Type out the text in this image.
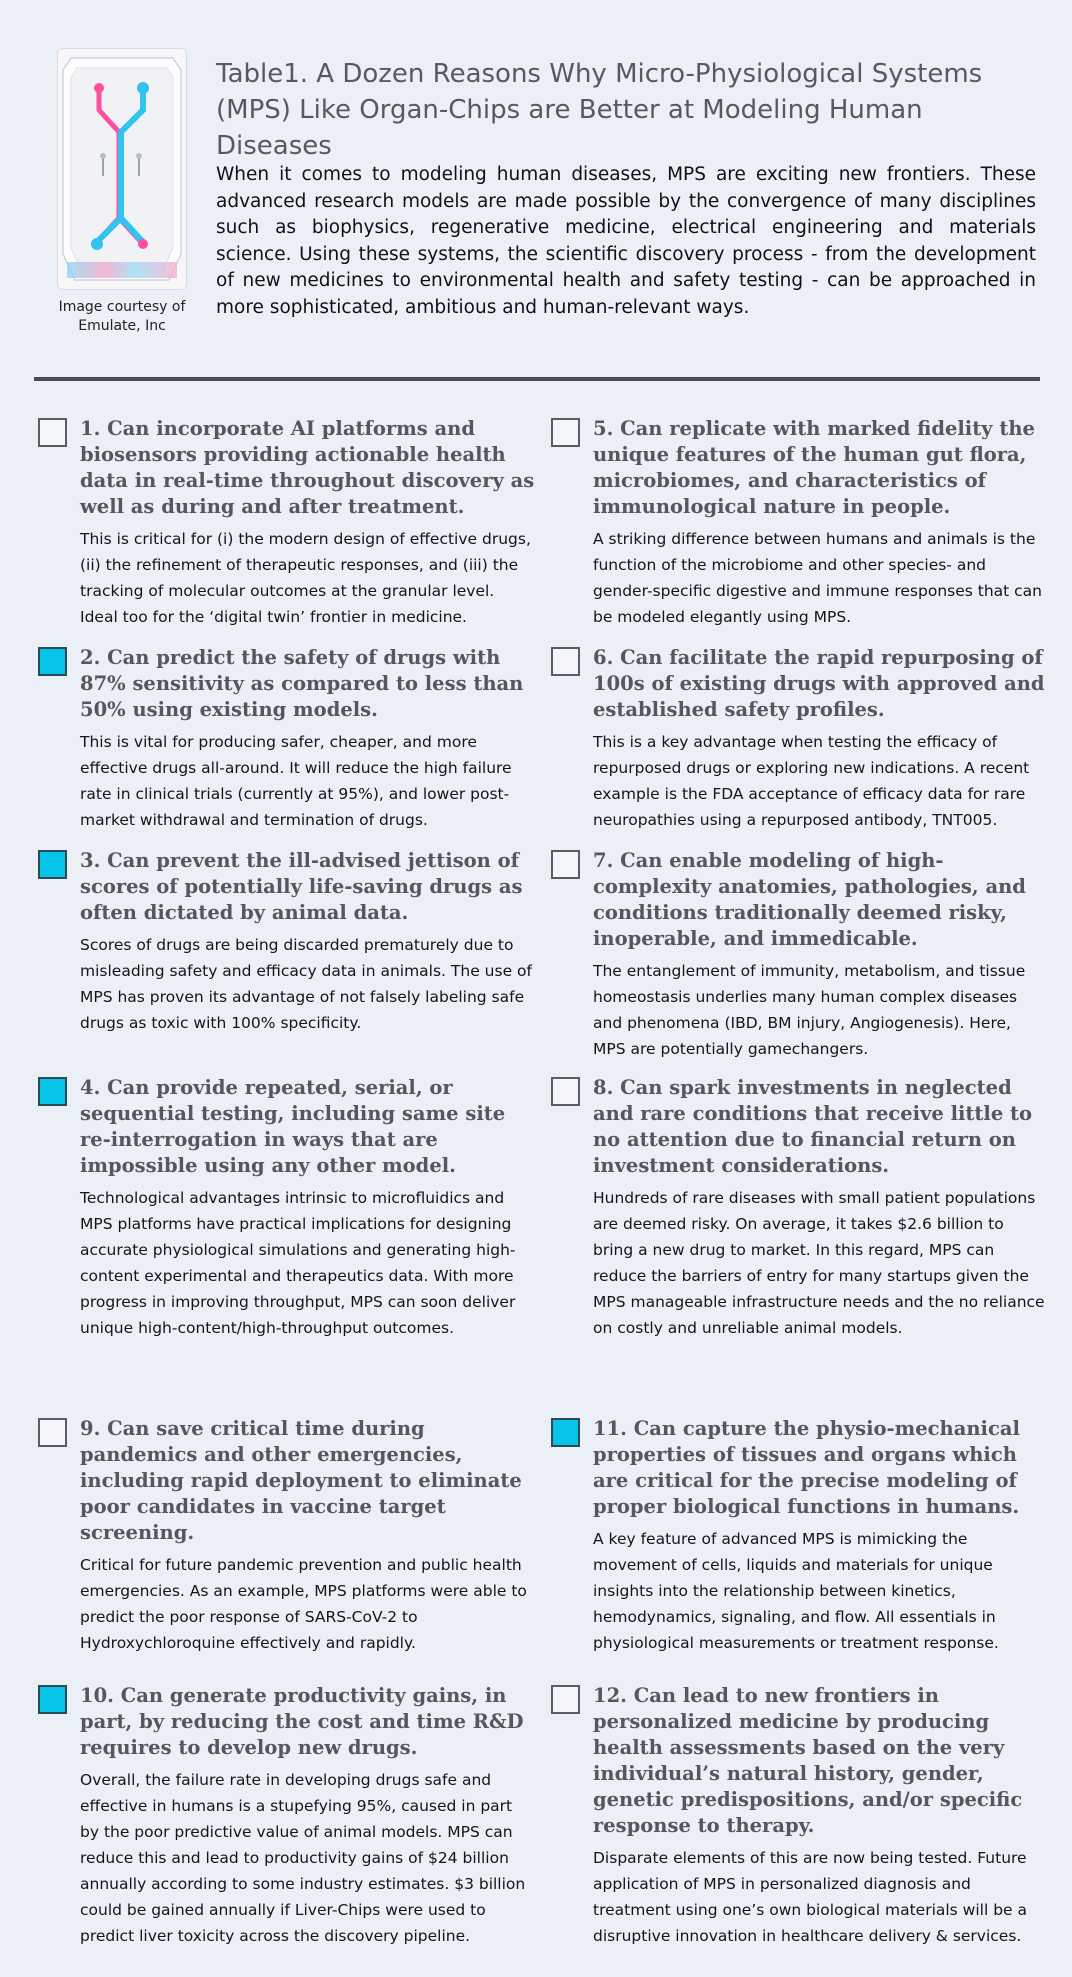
Image courtesy of Emulate, Inc
Table1. A Dozen Reasons Why Micro-Physiological Systems (MPS) Like Organ-Chips are Better at Modeling Human Diseases

When it comes to modeling human diseases, MPS are exciting new frontiers. These advanced research models are made possible by the convergence of many disciplines such as biophysics, regenerative medicine, electrical engineering and materials science. Using these systems, the scientific discovery process - from the development of new medicines to environmental health and safety testing - can be approached in more sophisticated, ambitious and human-relevant ways.

1. Can incorporate AI platforms and biosensors providing actionable health data in real-time throughout discovery as well as during and after treatment.

This is critical for (i) the modern design of effective drugs, (ii) the refinement of therapeutic responses, and (iii) the tracking of molecular outcomes at the granular level. Ideal too for the ‘digital twin’ frontier in medicine.

5. Can replicate with marked fidelity the unique features of the human gut flora, microbiomes, and characteristics of immunological nature in people.

A striking difference between humans and animals is the function of the microbiome and other species- and gender-specific digestive and immune responses that can be modeled elegantly using MPS.

2. Can predict the safety of drugs with 87% sensitivity as compared to less than 50% using existing models.

This is vital for producing safer, cheaper, and more effective drugs all-around. It will reduce the high failure rate in clinical trials (currently at 95%), and lower post-market withdrawal and termination of drugs.

6. Can facilitate the rapid repurposing of 100s of existing drugs with approved and established safety profiles.

This is a key advantage when testing the efficacy of repurposed drugs or exploring new indications. A recent example is the FDA acceptance of efficacy data for rare neuropathies using a repurposed antibody, TNT005.

3. Can prevent the ill-advised jettison of scores of potentially life-saving drugs as often dictated by animal data.

Scores of drugs are being discarded prematurely due to misleading safety and efficacy data in animals. The use of MPS has proven its advantage of not falsely labeling safe drugs as toxic with 100% specificity.

7. Can enable modeling of high-complexity anatomies, pathologies, and conditions traditionally deemed risky, inoperable, and immedicable.

The entanglement of immunity, metabolism, and tissue homeostasis underlies many human complex diseases and phenomena (IBD, BM injury, Angiogenesis). Here, MPS are potentially gamechangers.

4. Can provide repeated, serial, or sequential testing, including same site re-interrogation in ways that are impossible using any other model.

Technological advantages intrinsic to microfluidics and MPS platforms have practical implications for designing accurate physiological simulations and generating high-content experimental and therapeutics data. With more progress in improving throughput, MPS can soon deliver unique high-content/high-throughput outcomes.

8. Can spark investments in neglected and rare conditions that receive little to no attention due to financial return on investment considerations.

Hundreds of rare diseases with small patient populations are deemed risky. On average, it takes $2.6 billion to bring a new drug to market. In this regard, MPS can reduce the barriers of entry for many startups given the MPS manageable infrastructure needs and the no reliance on costly and unreliable animal models.

9. Can save critical time during pandemics and other emergencies, including rapid deployment to eliminate poor candidates in vaccine target screening.

Critical for future pandemic prevention and public health emergencies. As an example, MPS platforms were able to predict the poor response of SARS-CoV-2 to Hydroxychloroquine effectively and rapidly.

11. Can capture the physio-mechanical properties of tissues and organs which are critical for the precise modeling of proper biological functions in humans.

A key feature of advanced MPS is mimicking the movement of cells, liquids and materials for unique insights into the relationship between kinetics, hemodynamics, signaling, and flow. All essentials in physiological measurements or treatment response.

10. Can generate productivity gains, in part, by reducing the cost and time R&D requires to develop new drugs.

Overall, the failure rate in developing drugs safe and effective in humans is a stupefying 95%, caused in part by the poor predictive value of animal models. MPS can reduce this and lead to productivity gains of $24 billion annually according to some industry estimates. $3 billion could be gained annually if Liver-Chips were used to predict liver toxicity across the discovery pipeline.

12. Can lead to new frontiers in personalized medicine by producing health assessments based on the very individual’s natural history, gender, genetic predispositions, and/or specific response to therapy.

Disparate elements of this are now being tested. Future application of MPS in personalized diagnosis and treatment using one’s own biological materials will be a disruptive innovation in healthcare delivery & services.
